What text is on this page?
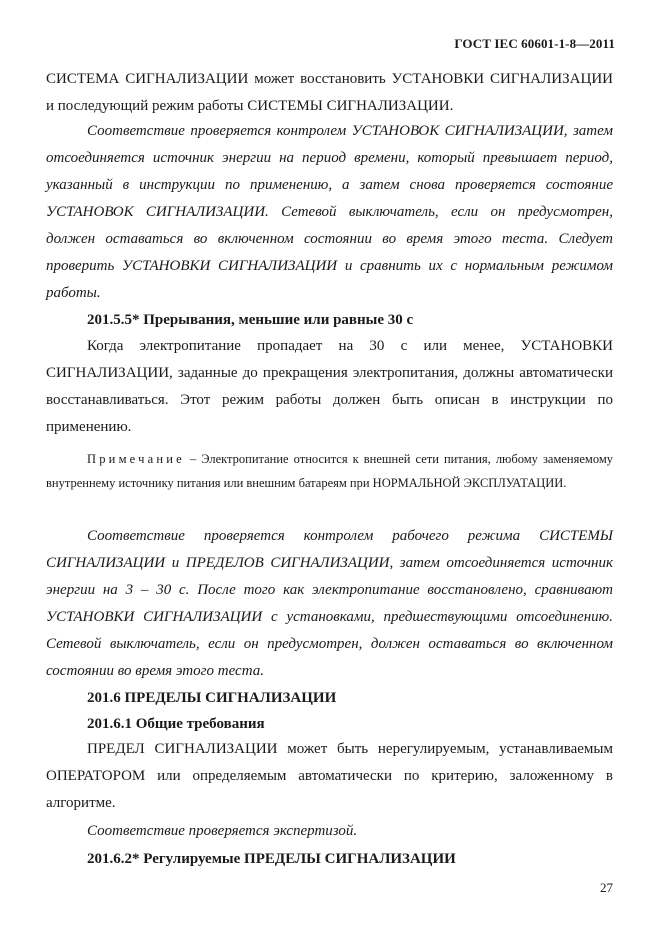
ГОСТ IEC 60601-1-8—2011

СИСТЕМА СИГНАЛИЗАЦИИ может восстановить УСТАНОВКИ СИГНАЛИЗАЦИИ и последующий режим работы СИСТЕМЫ СИГНАЛИЗАЦИИ.

Соответствие проверяется контролем УСТАНОВОК СИГНАЛИЗАЦИИ, затем отсоединяется источник энергии на период времени, который превышает период, указанный в инструкции по применению, а затем снова проверяется состояние УСТАНОВОК СИГНАЛИЗАЦИИ. Сетевой выключатель, если он предусмотрен, должен оставаться во включенном состоянии во время этого теста. Следует проверить УСТАНОВКИ СИГНАЛИЗАЦИИ и сравнить их с нормальным режимом работы.

201.5.5* Прерывания, меньшие или равные 30 с

Когда электропитание пропадает на 30 с или менее, УСТАНОВКИ СИГНАЛИЗАЦИИ, заданные до прекращения электропитания, должны автоматически восстанавливаться. Этот режим работы должен быть описан в инструкции по применению.

Примечание – Электропитание относится к внешней сети питания, любому заменяемому внутреннему источнику питания или внешним батареям при НОРМАЛЬНОЙ ЭКСПЛУАТАЦИИ.

Соответствие проверяется контролем рабочего режима СИСТЕМЫ СИГНАЛИЗАЦИИ и ПРЕДЕЛОВ СИГНАЛИЗАЦИИ, затем отсоединяется источник энергии на 3 – 30 с. После того как электропитание восстановлено, сравнивают УСТАНОВКИ СИГНАЛИЗАЦИИ с установками, предшествующими отсоединению. Сетевой выключатель, если он предусмотрен, должен оставаться во включенном состоянии во время этого теста.

201.6 ПРЕДЕЛЫ СИГНАЛИЗАЦИИ

201.6.1 Общие требования

ПРЕДЕЛ СИГНАЛИЗАЦИИ может быть нерегулируемым, устанавливаемым ОПЕРАТОРОМ или определяемым автоматически по критерию, заложенному в алгоритме.

Соответствие проверяется экспертизой.

201.6.2* Регулируемые ПРЕДЕЛЫ СИГНАЛИЗАЦИИ

27
